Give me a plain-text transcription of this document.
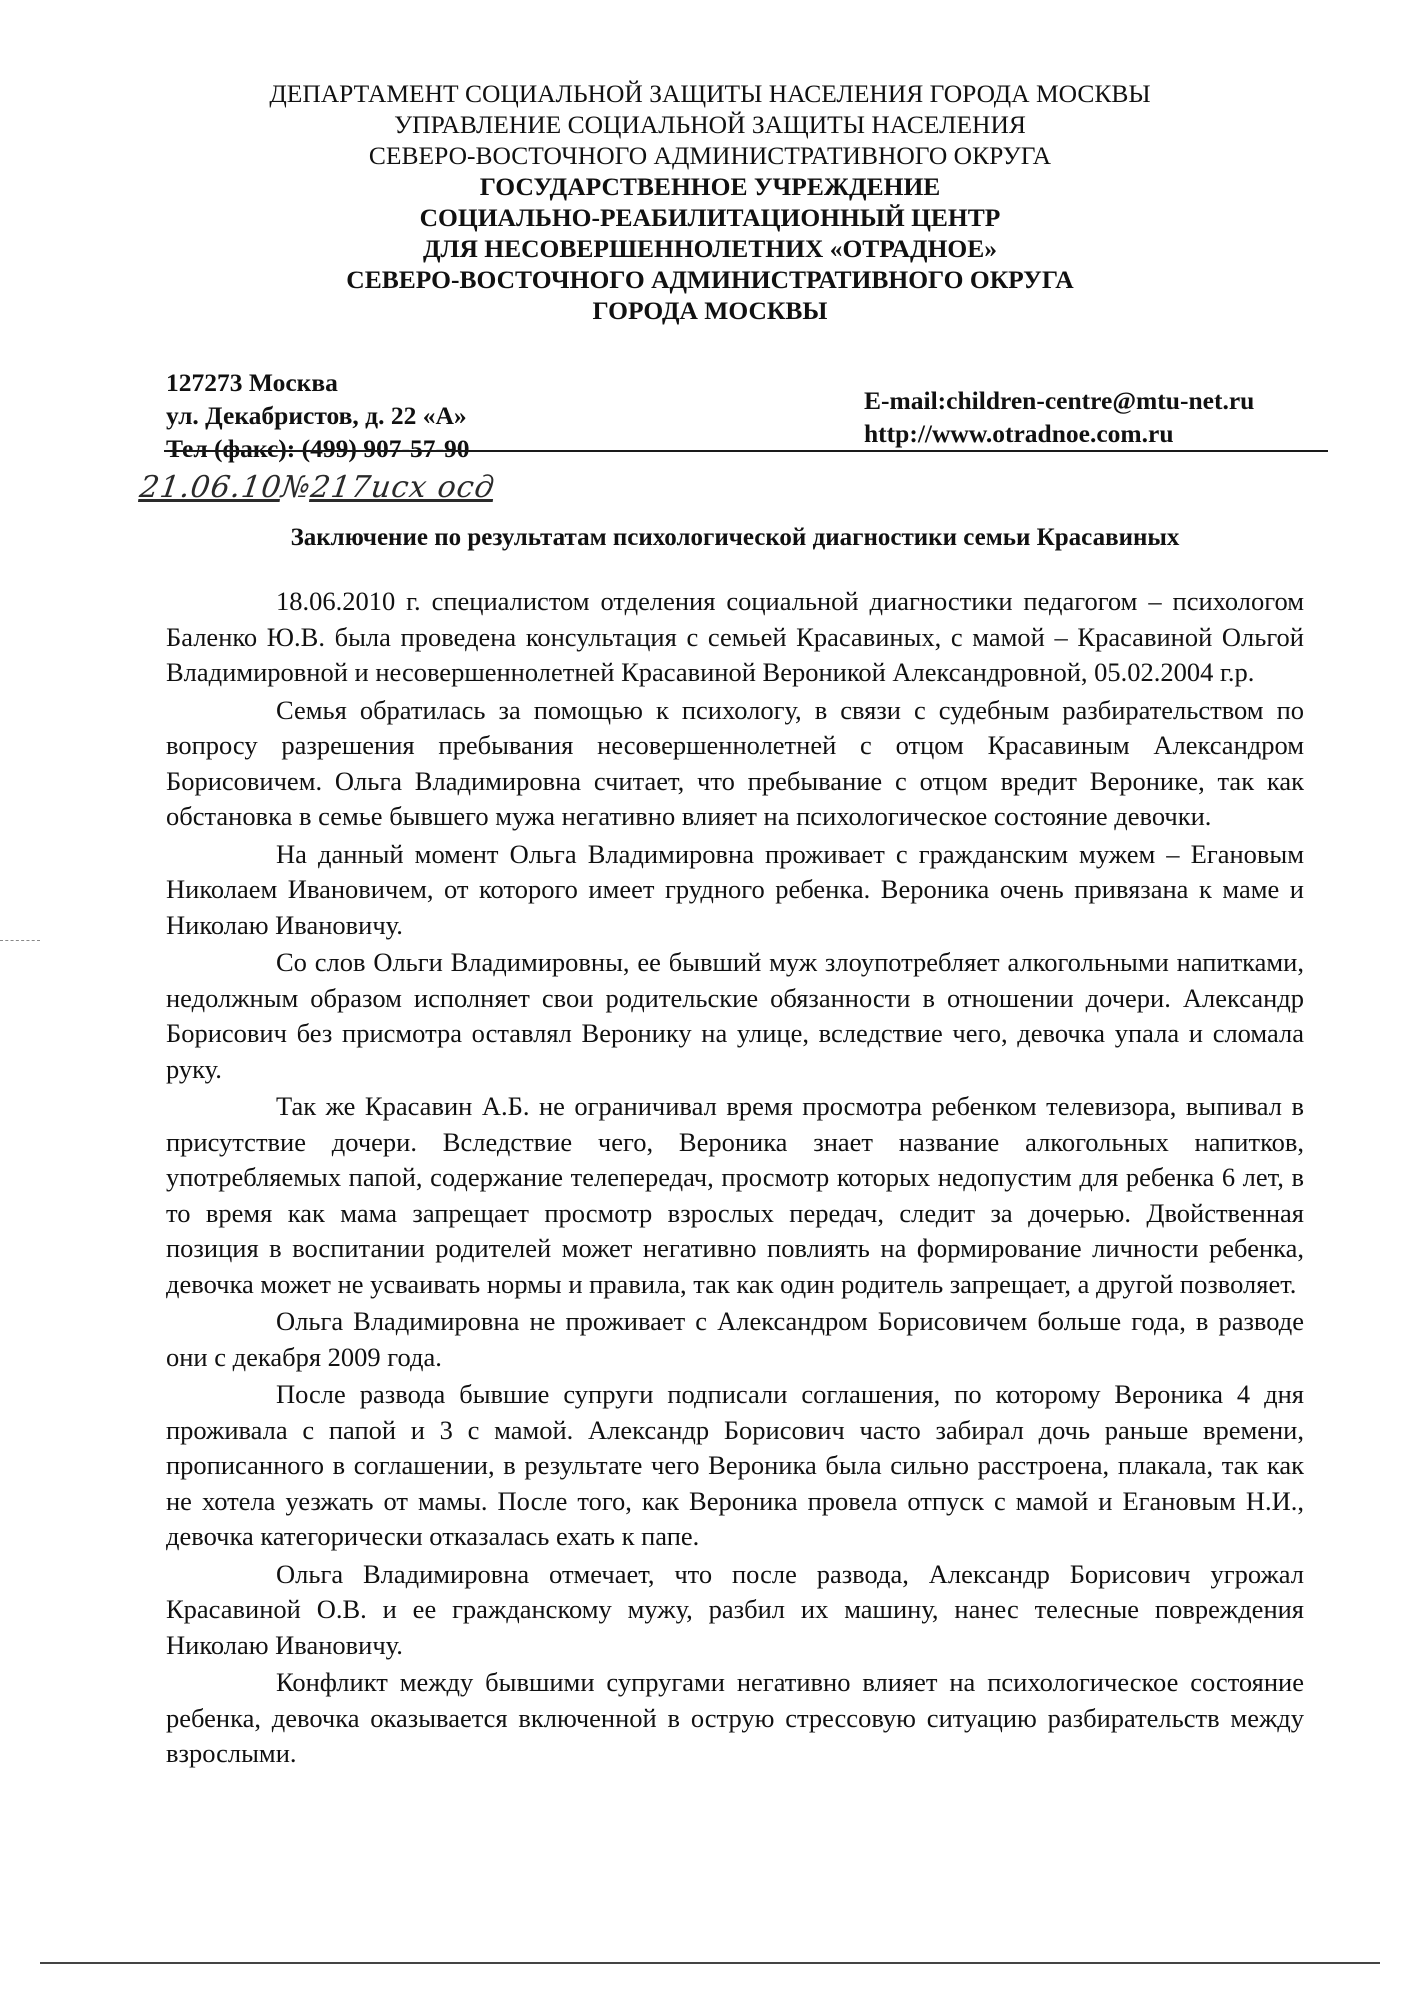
ДЕПАРТАМЕНТ СОЦИАЛЬНОЙ ЗАЩИТЫ НАСЕЛЕНИЯ ГОРОДА МОСКВЫ
УПРАВЛЕНИЕ СОЦИАЛЬНОЙ ЗАЩИТЫ НАСЕЛЕНИЯ
СЕВЕРО-ВОСТОЧНОГО АДМИНИСТРАТИВНОГО ОКРУГА
ГОСУДАРСТВЕННОЕ УЧРЕЖДЕНИЕ
СОЦИАЛЬНО-РЕАБИЛИТАЦИОННЫЙ ЦЕНТР
ДЛЯ НЕСОВЕРШЕННОЛЕТНИХ «ОТРАДНОЕ»
СЕВЕРО-ВОСТОЧНОГО АДМИНИСТРАТИВНОГО ОКРУГА
ГОРОДА МОСКВЫ
127273 Москва
ул. Декабристов, д. 22 «А»
Тел (факс): (499) 907-57-90
E-mail:children-centre@mtu-net.ru
http://www.otradnoe.com.ru
21.06.10№217исх осд
Заключение по результатам психологической диагностики семьи Красавиных

18.06.2010 г. специалистом отделения социальной диагностики педагогом – психологом Баленко Ю.В. была проведена консультация с семьей Красавиных, с мамой – Красавиной Ольгой Владимировной и несовершеннолетней Красавиной Вероникой Александровной, 05.02.2004 г.р.

Семья обратилась за помощью к психологу, в связи с судебным разбирательством по вопросу разрешения пребывания несовершеннолетней с отцом Красавиным Александром Борисовичем. Ольга Владимировна считает, что пребывание с отцом вредит Веронике, так как обстановка в семье бывшего мужа негативно влияет на психологическое состояние девочки.

На данный момент Ольга Владимировна проживает с гражданским мужем – Егановым Николаем Ивановичем, от которого имеет грудного ребенка. Вероника очень привязана к маме и Николаю Ивановичу.

Со слов Ольги Владимировны, ее бывший муж злоупотребляет алкогольными напитками, недолжным образом исполняет свои родительские обязанности в отношении дочери. Александр Борисович без присмотра оставлял Веронику на улице, вследствие чего, девочка упала и сломала руку.

Так же Красавин А.Б. не ограничивал время просмотра ребенком телевизора, выпивал в присутствие дочери. Вследствие чего, Вероника знает название алкогольных напитков, употребляемых папой, содержание телепередач, просмотр которых недопустим для ребенка 6 лет, в то время как мама запрещает просмотр взрослых передач, следит за дочерью. Двойственная позиция в воспитании родителей может негативно повлиять на формирование личности ребенка, девочка может не усваивать нормы и правила, так как один родитель запрещает, а другой позволяет.

Ольга Владимировна не проживает с Александром Борисовичем больше года, в разводе они с декабря 2009 года.

После развода бывшие супруги подписали соглашения, по которому Вероника 4 дня проживала с папой и 3 с мамой. Александр Борисович часто забирал дочь раньше времени, прописанного в соглашении, в результате чего Вероника была сильно расстроена, плакала, так как не хотела уезжать от мамы. После того, как Вероника провела отпуск с мамой и Егановым Н.И., девочка категорически отказалась ехать к папе.

Ольга Владимировна отмечает, что после развода, Александр Борисович угрожал Красавиной О.В. и ее гражданскому мужу, разбил их машину, нанес телесные повреждения Николаю Ивановичу.

Конфликт между бывшими супругами негативно влияет на психологическое состояние ребенка, девочка оказывается включенной в острую стрессовую ситуацию разбирательств между взрослыми.
